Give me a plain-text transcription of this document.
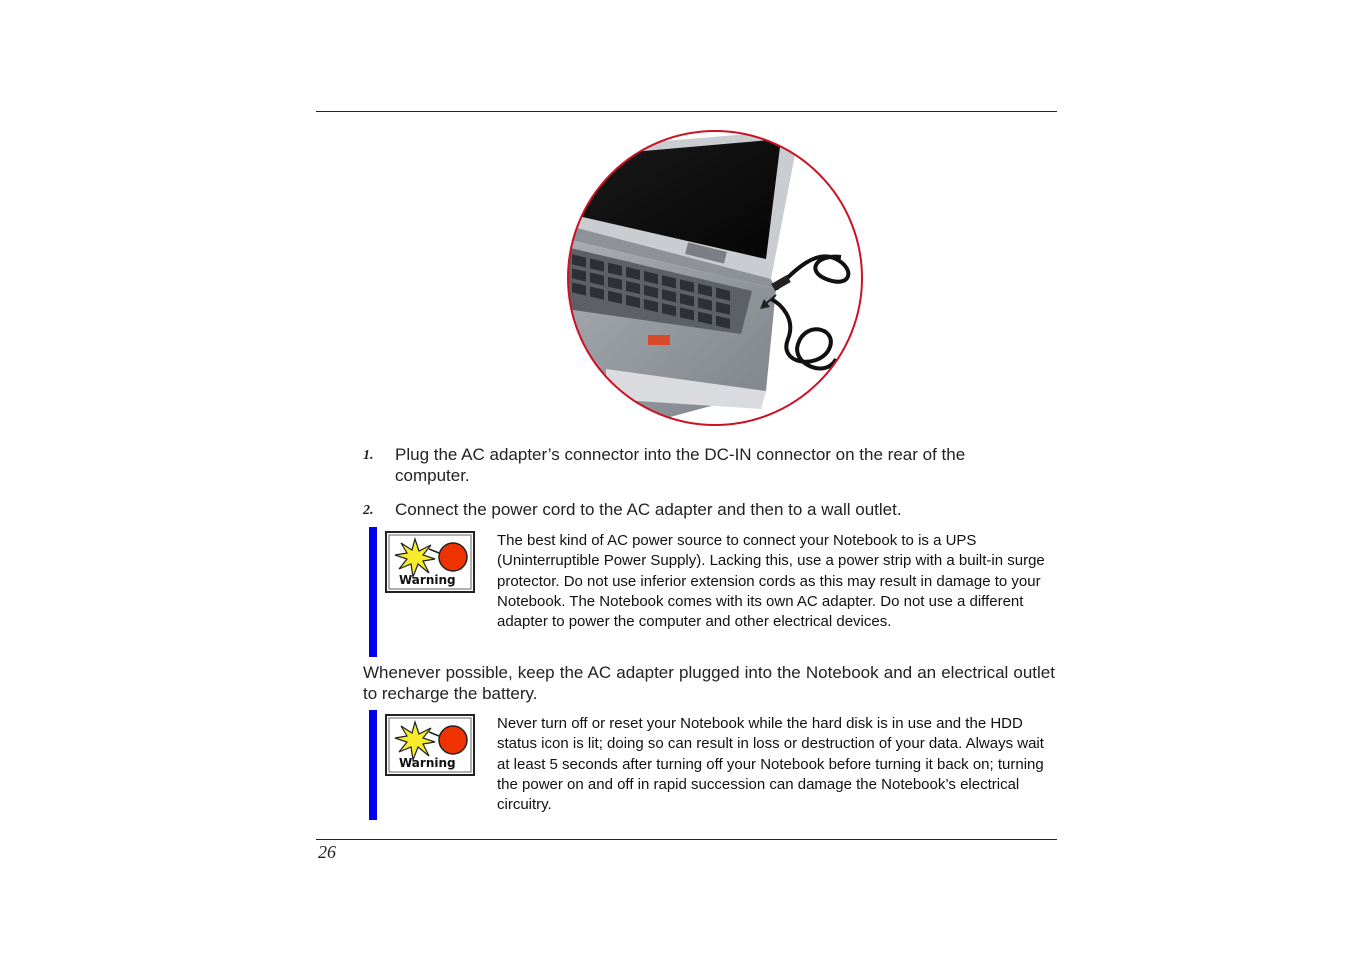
1. Plug the AC adapter’s connector into the DC-IN connector on the rear of the computer.
2. Connect the power cord to the AC adapter and then to a wall outlet.
Warning
The best kind of AC power source to connect your Notebook to is a UPS (Uninterruptible Power Supply). Lacking this, use a power strip with a built-in surge protector. Do not use inferior extension cords as this may result in damage to your Notebook. The Notebook comes with its own AC adapter. Do not use a different adapter to power the computer and other electrical devices.
Whenever possible, keep the AC adapter plugged into the Notebook and an electrical outlet to recharge the battery.
Warning
Never turn off or reset your Notebook while the hard disk is in use and the HDD status icon is lit; doing so can result in loss or destruction of your data. Always wait at least 5 seconds after turning off your Notebook before turning it back on; turning the power on and off in rapid succession can damage the Notebook’s electrical circuitry.
26
